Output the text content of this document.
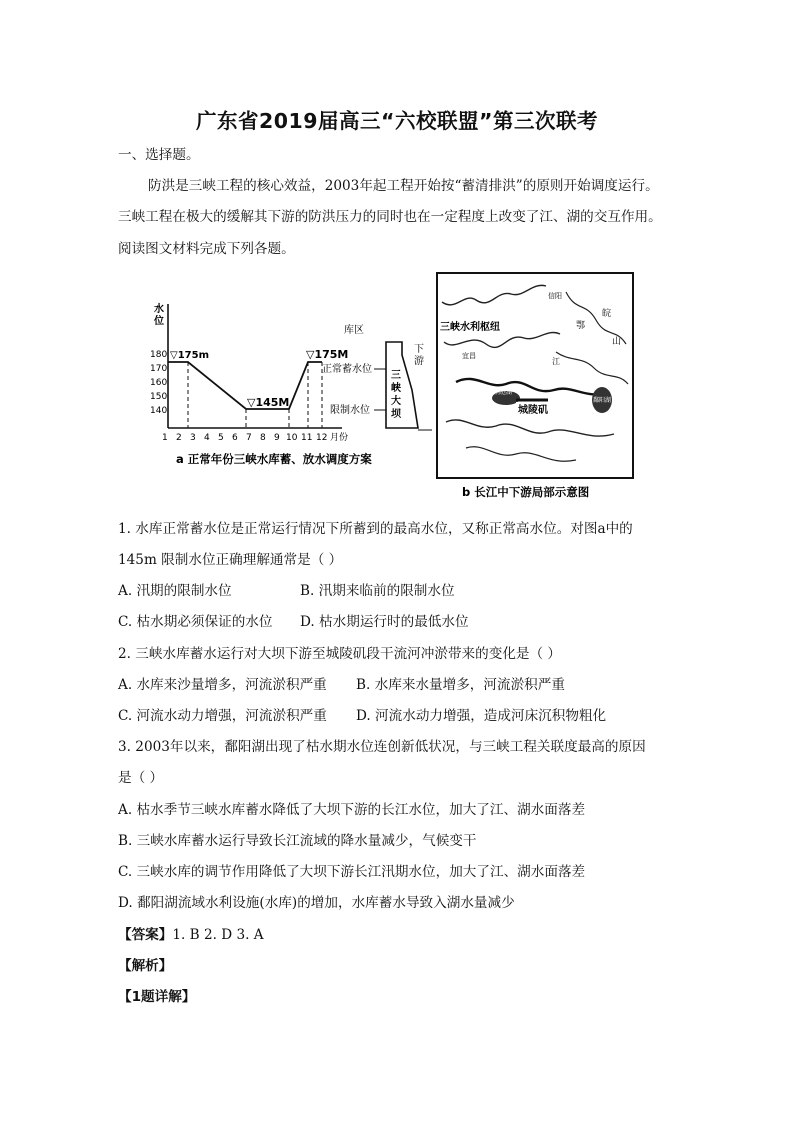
广东省2019届高三“六校联盟”第三次联考
一、选择题。
防洪是三峡工程的核心效益，2003年起工程开始按“蓄清排洪”的原则开始调度运行。
三峡工程在极大的缓解其下游的防洪压力的同时也在一定程度上改变了江、湖的交互作用。
阅读图文材料完成下列各题。
水
位
180
170
160
150
140
▽175m
▽145M
▽175M
1 2 3 4 5 6 7 8 9 10 11 12 月份
库区
正常蓄水位
限制水位
三
峡
大
坝
下
游
a 正常年份三峡水库蓄、放水调度方案
三峡水利枢纽
信阳
宜昌
鄂
皖
山
江
洞庭湖
鄱阳湖
城陵矶
b 长江中下游局部示意图
1. 水库正常蓄水位是正常运行情况下所蓄到的最高水位，又称正常高水位。对图a中的
145m 限制水位正确理解通常是（ ）
A. 汛期的限制水位	B. 汛期来临前的限制水位
C. 枯水期必须保证的水位 D. 枯水期运行时的最低水位
2. 三峡水库蓄水运行对大坝下游至城陵矶段干流河冲淤带来的变化是（ ）
A. 水库来沙量增多，河流淤积严重 B. 水库来水量增多，河流淤积严重
C. 河流水动力增强，河流淤积严重 D. 河流水动力增强，造成河床沉积物粗化
3. 2003年以来，鄱阳湖出现了枯水期水位连创新低状况，与三峡工程关联度最高的原因
是（ ）
A. 枯水季节三峡水库蓄水降低了大坝下游的长江水位，加大了江、湖水面落差
B. 三峡水库蓄水运行导致长江流域的降水量减少，气候变干
C. 三峡水库的调节作用降低了大坝下游长江汛期水位，加大了江、湖水面落差
D. 鄱阳湖流域水利设施(水库)的增加，水库蓄水导致入湖水量减少
【答案】1. B 2. D 3. A
【解析】
【1题详解】
